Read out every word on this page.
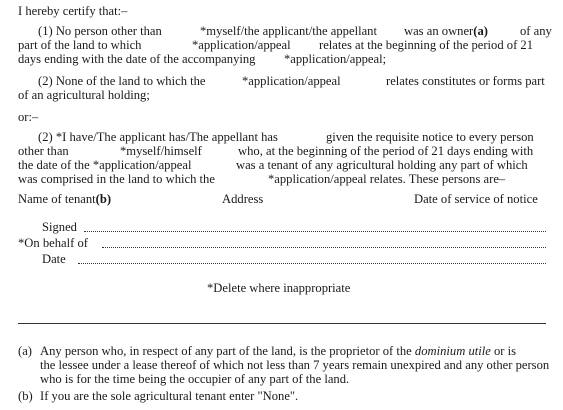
I hereby certify that:–
(1) No person other than	*myself/the applicant/the appellant was an owner(a)	of any
part of the land to which	*application/appeal relates at the beginning of the period of 21
days ending with the date of the accompanying *application/appeal;
(2) None of the land to which the	*application/appeal	relates constitutes or forms part
of an agricultural holding;
or:–
(2) *I have/The applicant has/The appellant has	given the requisite notice to every person
other than	*myself/himself	who, at the beginning of the period of 21 days ending with
the date of the *application/appeal	was a tenant of any agricultural holding any part of which
was comprised in the land to which the	*application/appeal relates. These persons are–
Name of tenant(b)	Address	Date of service of notice
Signed
*On behalf of
Date
*Delete where inappropriate
(a) Any person who, in respect of any part of the land, is the proprietor of the dominium utile or is
the lessee under a lease thereof of which not less than 7 years remain unexpired and any other person
who is for the time being the occupier of any part of the land.
(b) If you are the sole agricultural tenant enter "None".
